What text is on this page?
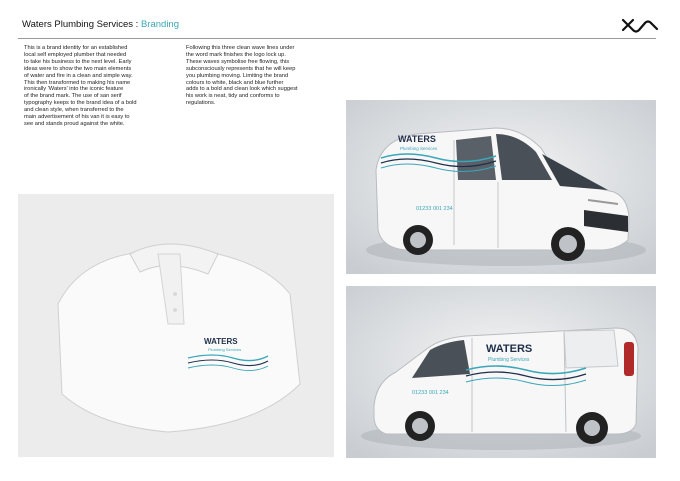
Waters Plumbing Services : Branding
This is a brand identity for an established
local self employed plumber that needed
to take his business to the next level. Early
ideas were to show the two main elements
of water and fire in a clean and simple way.
This then transformed to making his name
ironically 'Waters' into the iconic feature
of the brand mark. The use of san serif
typography keeps to the brand idea of a bold
and clean style, when transferred to the
main advertisement of his van it is easy to
see and stands proud against the white.
Following this three clean wave lines under
the word mark finishes the logo lock up.
These waves symbolise free flowing, this
subconsciously represents that he will keep
you plumbing moving. Limiting the brand
colours to white, black and blue further
adds to a bold and clean look which suggest
his work is neat, tidy and conforms to
regulations.
WATERS
Plumbing Services
01233 001 234
WATERS
Plumbing Services
01233 001 234
WATERS
Plumbing Services
